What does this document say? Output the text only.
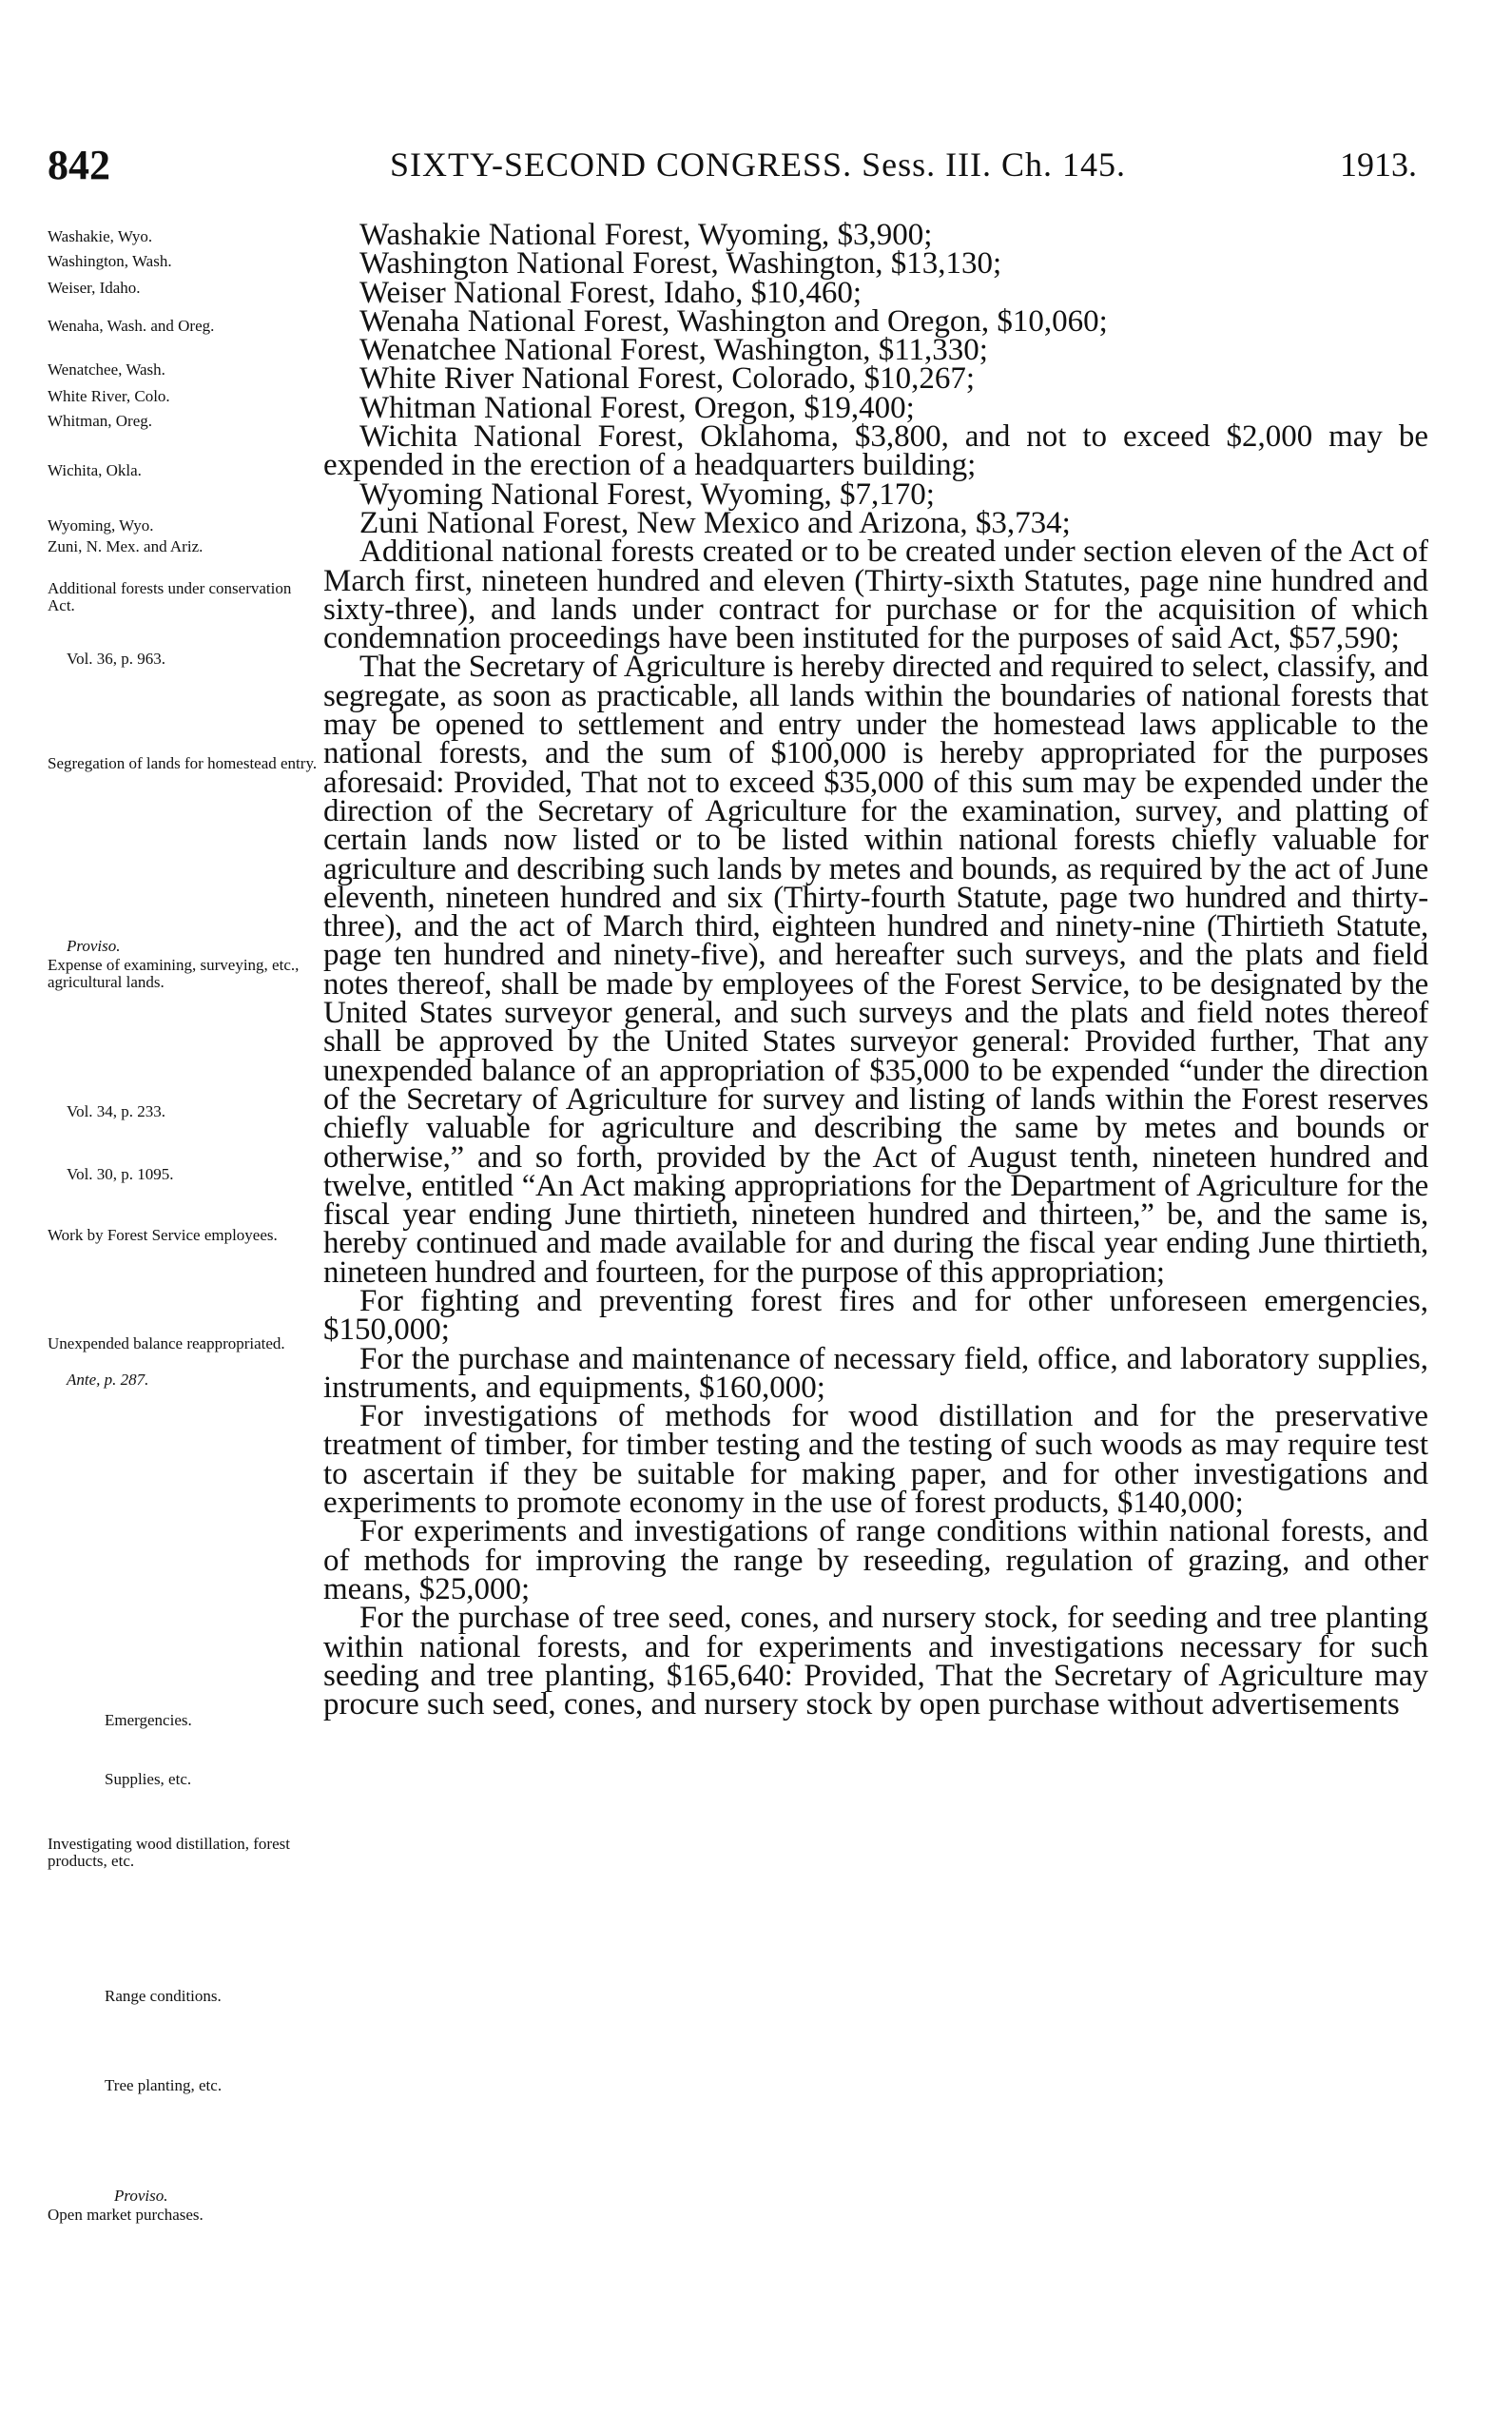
842	SIXTY-SECOND CONGRESS. Sess. III. Ch. 145.	1913.
Washakie, Wyo.
Washington, Wash.
Weiser, Idaho.
Wenaha, Wash. and Oreg.
Wenatchee, Wash.
White River, Colo.
Whitman, Oreg.
Wichita, Okla.
Wyoming, Wyo.
Zuni, N. Mex. and Ariz.
Additional forests under conservation Act.
Vol. 36, p. 963.
Segregation of lands for homestead entry.
Proviso.
Expense of examining, surveying, etc., agricultural lands.
Vol. 34, p. 233.
Vol. 30, p. 1095.
Work by Forest Service employees.
Unexpended balance reappropriated.
Ante, p. 287.
Emergencies.
Supplies, etc.
Investigating wood distillation, forest products, etc.
Range conditions.
Tree planting, etc.
Proviso.
Open market purchases.

Washakie National Forest, Wyoming, $3,900;

Washington National Forest, Washington, $13,130;

Weiser National Forest, Idaho, $10,460;

Wenaha National Forest, Washington and Oregon, $10,060;

Wenatchee National Forest, Washington, $11,330;

White River National Forest, Colorado, $10,267;

Whitman National Forest, Oregon, $19,400;

Wichita National Forest, Oklahoma, $3,800, and not to exceed $2,000 may be expended in the erection of a headquarters building;

Wyoming National Forest, Wyoming, $7,170;

Zuni National Forest, New Mexico and Arizona, $3,734;

Additional national forests created or to be created under section eleven of the Act of March first, nineteen hundred and eleven (Thirty-sixth Statutes, page nine hundred and sixty-three), and lands under contract for purchase or for the acquisition of which condemnation proceedings have been instituted for the purposes of said Act, $57,590;

That the Secretary of Agriculture is hereby directed and required to select, classify, and segregate, as soon as practicable, all lands within the boundaries of national forests that may be opened to settlement and entry under the homestead laws applicable to the national forests, and the sum of $100,000 is hereby appropriated for the purposes aforesaid: Provided, That not to exceed $35,000 of this sum may be expended under the direction of the Secretary of Agriculture for the examination, survey, and platting of certain lands now listed or to be listed within national forests chiefly valuable for agriculture and describing such lands by metes and bounds, as required by the act of June eleventh, nineteen hundred and six (Thirty-fourth Statute, page two hundred and thirty-three), and the act of March third, eighteen hundred and ninety-nine (Thirtieth Statute, page ten hundred and ninety-five), and hereafter such surveys, and the plats and field notes thereof, shall be made by employees of the Forest Service, to be designated by the United States surveyor general, and such surveys and the plats and field notes thereof shall be approved by the United States surveyor general: Provided further, That any unexpended balance of an appropriation of $35,000 to be expended “under the direction of the Secretary of Agriculture for survey and listing of lands within the Forest reserves chiefly valuable for agriculture and describing the same by metes and bounds or otherwise,” and so forth, provided by the Act of August tenth, nineteen hundred and twelve, entitled “An Act making appropriations for the Department of Agriculture for the fiscal year ending June thirtieth, nineteen hundred and thirteen,” be, and the same is, hereby continued and made available for and during the fiscal year ending June thirtieth, nineteen hundred and fourteen, for the purpose of this appropriation;

For fighting and preventing forest fires and for other unforeseen emergencies, $150,000;

For the purchase and maintenance of necessary field, office, and laboratory supplies, instruments, and equipments, $160,000;

For investigations of methods for wood distillation and for the preservative treatment of timber, for timber testing and the testing of such woods as may require test to ascertain if they be suitable for making paper, and for other investigations and experiments to promote economy in the use of forest products, $140,000;

For experiments and investigations of range conditions within national forests, and of methods for improving the range by reseeding, regulation of grazing, and other means, $25,000;

For the purchase of tree seed, cones, and nursery stock, for seeding and tree planting within national forests, and for experiments and investigations necessary for such seeding and tree planting, $165,640: Provided, That the Secretary of Agriculture may procure such seed, cones, and nursery stock by open purchase without advertisements
